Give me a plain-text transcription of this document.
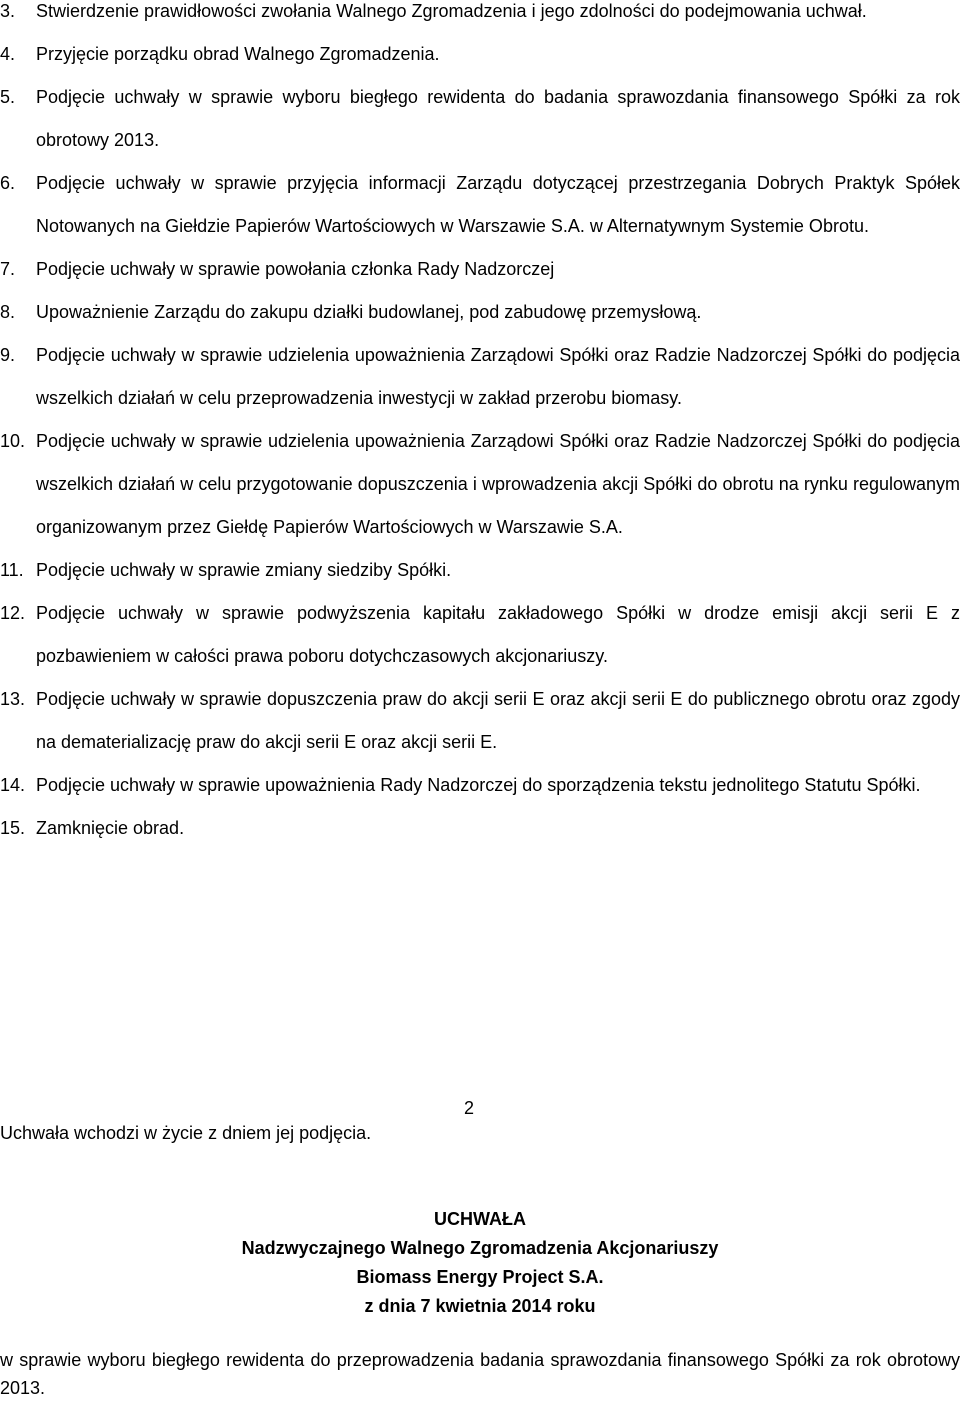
3.	Stwierdzenie prawidłowości zwołania Walnego Zgromadzenia i jego zdolności do podejmowania uchwał.
4.	Przyjęcie porządku obrad Walnego Zgromadzenia.
5.	Podjęcie uchwały w sprawie wyboru biegłego rewidenta do badania sprawozdania finansowego Spółki za rok obrotowy 2013.
6.	Podjęcie uchwały w sprawie przyjęcia informacji Zarządu dotyczącej przestrzegania Dobrych Praktyk Spółek Notowanych na Giełdzie Papierów Wartościowych w Warszawie S.A. w Alternatywnym Systemie Obrotu.
7.	Podjęcie uchwały w sprawie powołania członka Rady Nadzorczej
8.	Upoważnienie Zarządu do zakupu działki budowlanej, pod zabudowę przemysłową.
9.	Podjęcie uchwały w sprawie udzielenia upoważnienia Zarządowi Spółki oraz Radzie Nadzorczej Spółki do podjęcia wszelkich działań w celu przeprowadzenia inwestycji w zakład przerobu biomasy.
10. Podjęcie uchwały w sprawie udzielenia upoważnienia Zarządowi Spółki oraz Radzie Nadzorczej Spółki do podjęcia wszelkich działań w celu przygotowanie dopuszczenia i wprowadzenia akcji Spółki do obrotu na rynku regulowanym organizowanym przez Giełdę Papierów Wartościowych w Warszawie S.A.
11. Podjęcie uchwały w sprawie zmiany siedziby Spółki.
12. Podjęcie uchwały w sprawie podwyższenia kapitału zakładowego Spółki w drodze emisji akcji serii E z pozbawieniem w całości prawa poboru dotychczasowych akcjonariuszy.
13. Podjęcie uchwały w sprawie dopuszczenia praw do akcji serii E oraz akcji serii E do publicznego obrotu oraz zgody na dematerializację praw do akcji serii E oraz akcji serii E.
14. Podjęcie uchwały w sprawie upoważnienia Rady Nadzorczej do sporządzenia tekstu jednolitego Statutu Spółki.
15. Zamknięcie obrad.
2
Uchwała wchodzi w życie z dniem jej podjęcia.
UCHWAŁA
Nadzwyczajnego Walnego Zgromadzenia Akcjonariuszy
Biomass Energy Project S.A.
z dnia 7 kwietnia 2014 roku
w sprawie wyboru biegłego rewidenta do przeprowadzenia badania sprawozdania finansowego Spółki za rok obrotowy 2013.
